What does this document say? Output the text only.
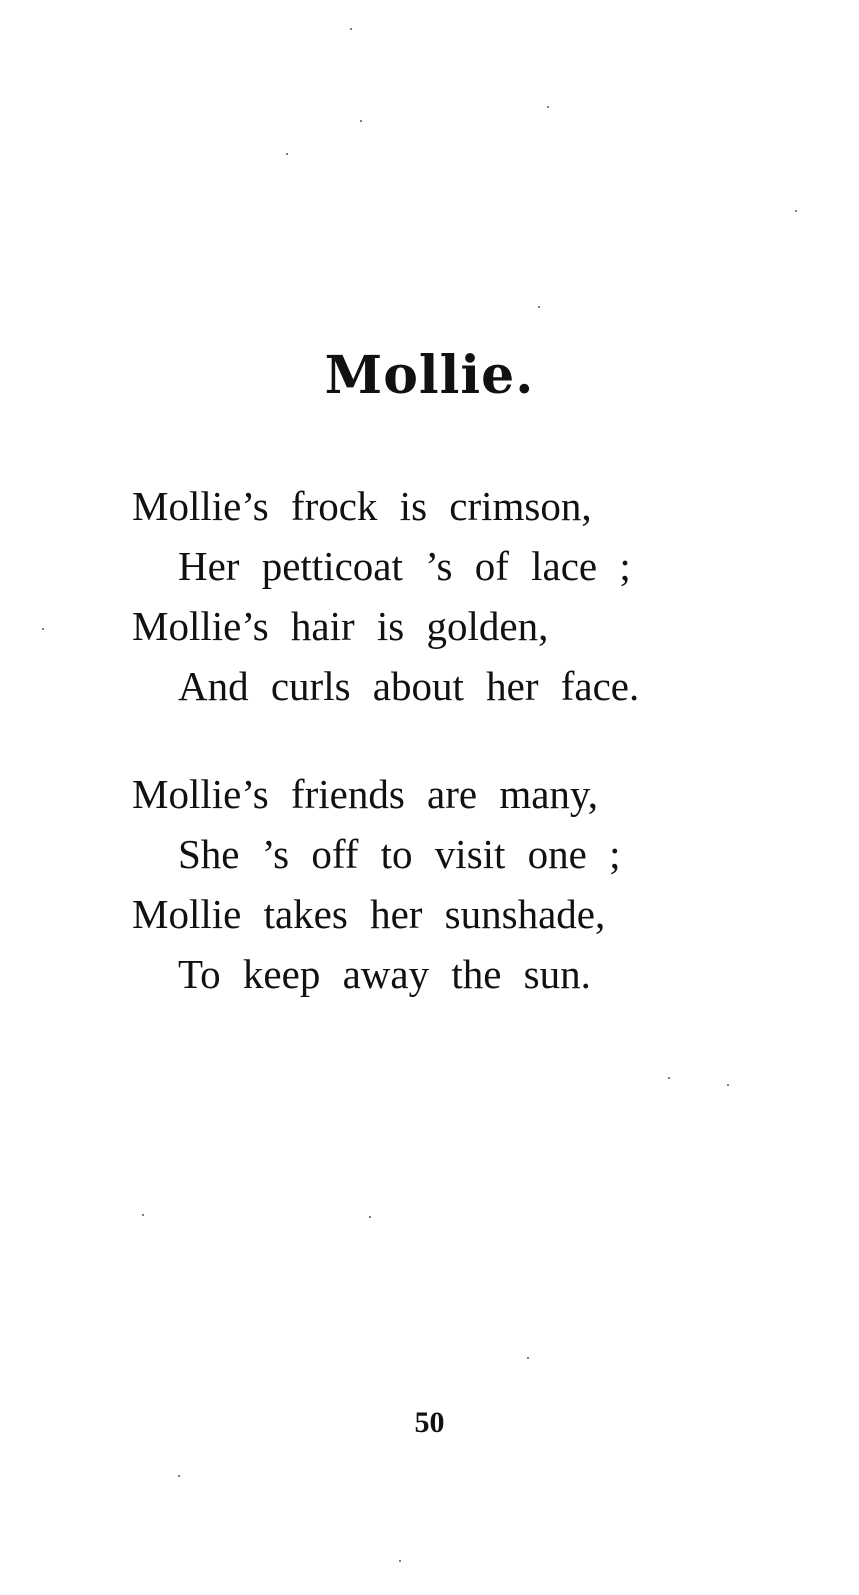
Mollie.
Mollie’s frock is crimson,
Her petticoat ’s of lace ;
Mollie’s hair is golden,
And curls about her face.
Mollie’s friends are many,
She ’s off to visit one ;
Mollie takes her sunshade,
To keep away the sun.
50
